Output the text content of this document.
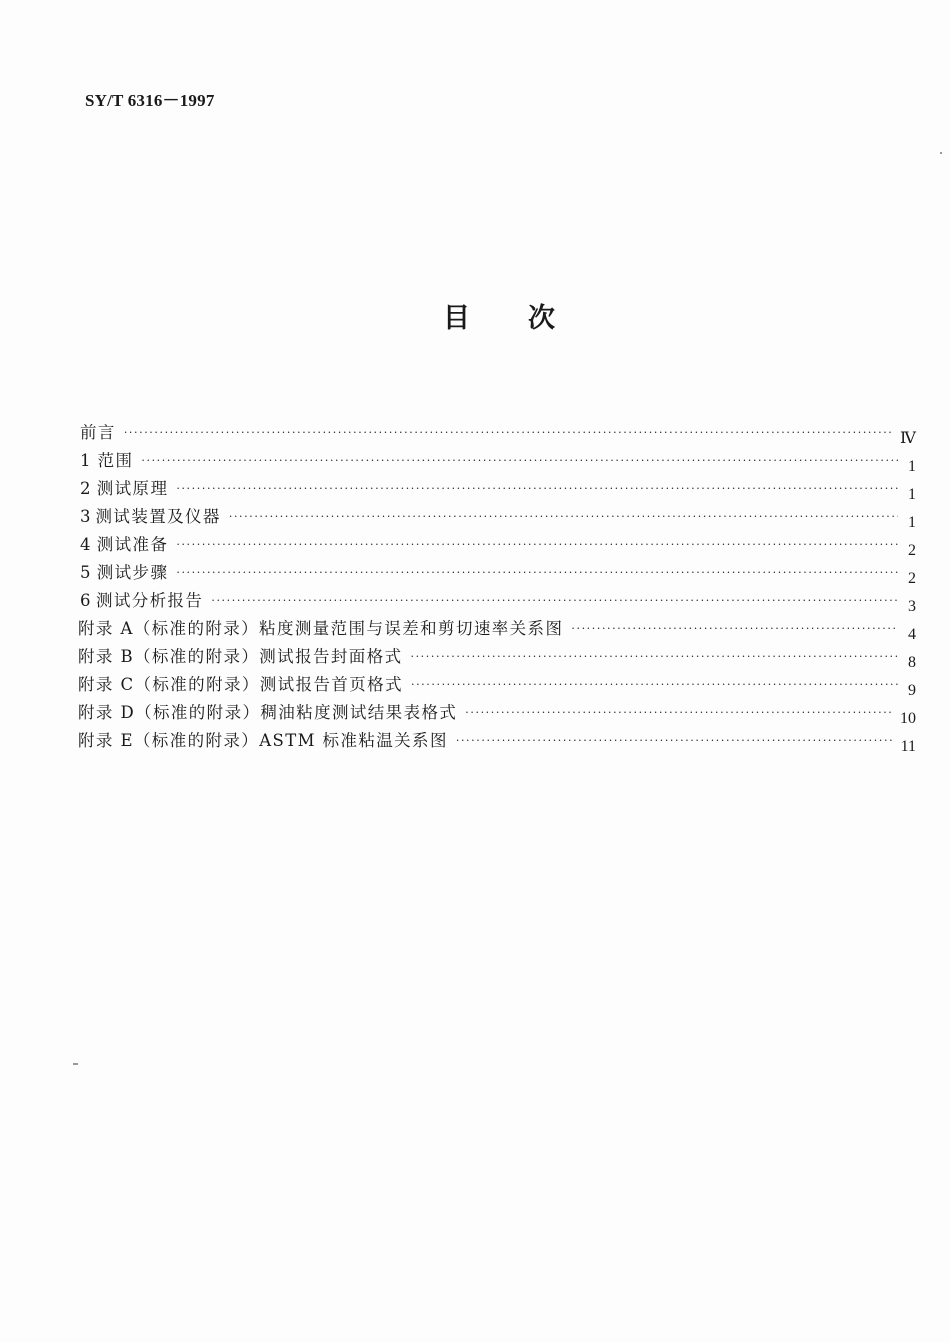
SY/T 6316－1997
目次
前言 ·····	Ⅳ
1 范围 ·····	1
2 测试原理 ·····	1
3 测试装置及仪器 ·····	1
4 测试准备 ·····	2
5 测试步骤 ·····	2
6 测试分析报告 ·····	3
附录 A（标准的附录）粘度测量范围与误差和剪切速率关系图 ·····	4
附录 B（标准的附录）测试报告封面格式 ·····	8
附录 C（标准的附录）测试报告首页格式 ·····	9
附录 D（标准的附录）稠油粘度测试结果表格式 ·····	10
附录 E（标准的附录）ASTM 标准粘温关系图 ·····	11
